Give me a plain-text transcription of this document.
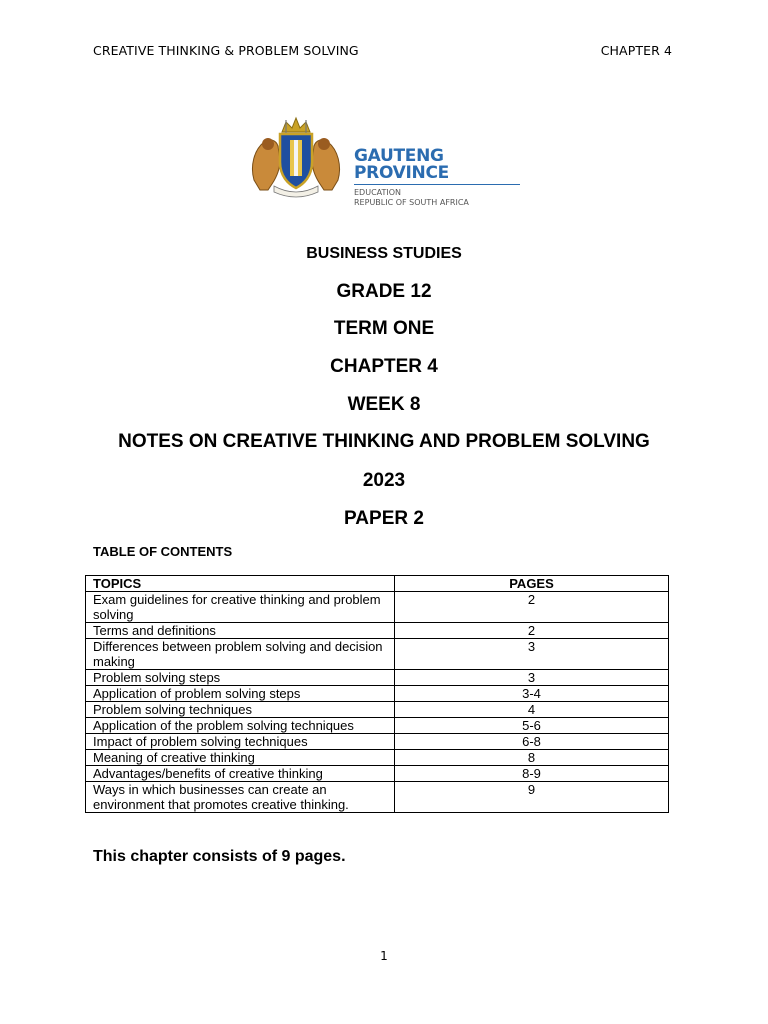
CREATIVE THINKING & PROBLEM SOLVING	CHAPTER 4
GAUTENG PROVINCE
EDUCATION
REPUBLIC OF SOUTH AFRICA
BUSINESS STUDIES
GRADE 12
TERM ONE
CHAPTER 4
WEEK 8
NOTES ON CREATIVE THINKING AND PROBLEM SOLVING
2023
PAPER 2
TABLE OF CONTENTS
TOPICS	PAGES
Exam guidelines for creative thinking and problem solving	2
Terms and definitions	2
Differences between problem solving and decision making	3
Problem solving steps	3
Application of problem solving steps	3-4
Problem solving techniques	4
Application of the problem solving techniques	5-6
Impact of problem solving techniques	6-8
Meaning of creative thinking	8
Advantages/benefits of creative thinking	8-9
Ways in which businesses can create an environment that promotes creative thinking.	9
This chapter consists of 9 pages.
1
